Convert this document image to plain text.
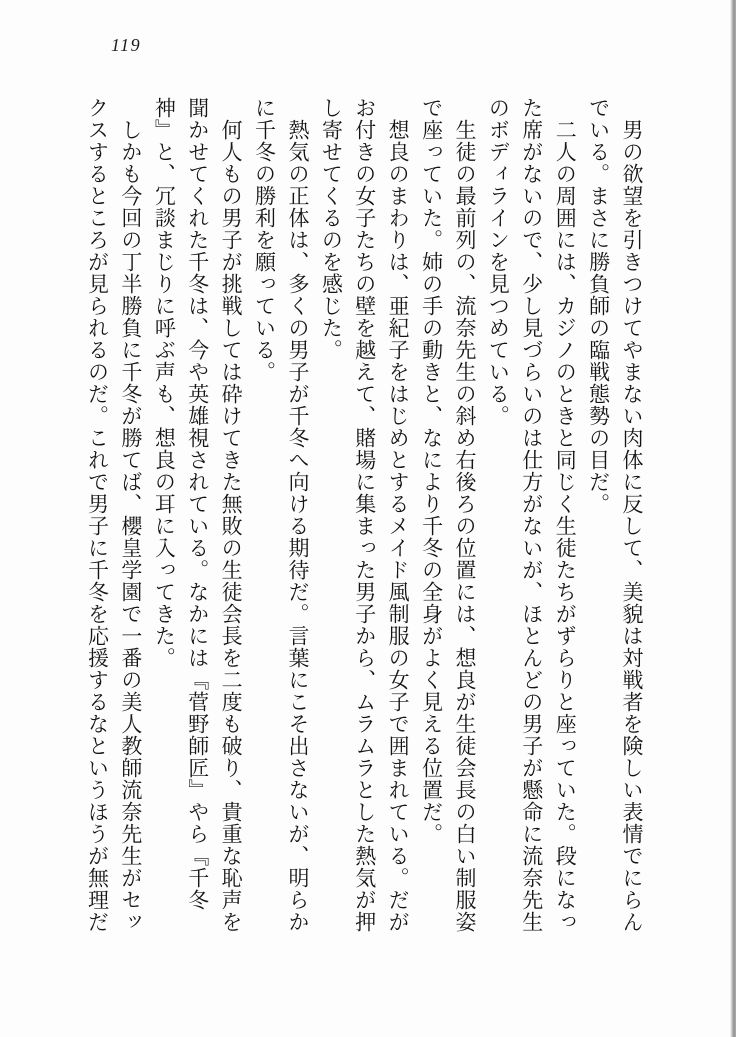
119
男の欲望を引きつけてやまない肉体に反して、美貌は対戦者を険しい表情でにらん
でいる。まさに勝負師の臨戦態勢の目だ。
二人の周囲には、カジノのときと同じく生徒たちがずらりと座っていた。段になっ
た席がないので、少し見づらいのは仕方がないが、ほとんどの男子が懸命に流奈先生
のボディラインを見つめている。
生徒の最前列の、流奈先生の斜め右後ろの位置には、想良が生徒会長の白い制服姿
で座っていた。姉の手の動きと、なにより千冬の全身がよく見える位置だ。
想良のまわりは、亜紀子をはじめとするメイド風制服の女子で囲まれている。だが
お付きの女子たちの壁を越えて、賭場に集まった男子から、ムラムラとした熱気が押
し寄せてくるのを感じた。
熱気の正体は、多くの男子が千冬へ向ける期待だ。言葉にこそ出さないが、明らか
に千冬の勝利を願っている。
何人もの男子が挑戦しては砕けてきた無敗の生徒会長を二度も破り、貴重な恥声を
聞かせてくれた千冬は、今や英雄視されている。なかには『菅野師匠』やら『千冬
神』と、冗談まじりに呼ぶ声も、想良の耳に入ってきた。
しかも今回の丁半勝負に千冬が勝てば、櫻皇学園で一番の美人教師流奈先生がセッ
クスするところが見られるのだ。これで男子に千冬を応援するなというほうが無理だ
